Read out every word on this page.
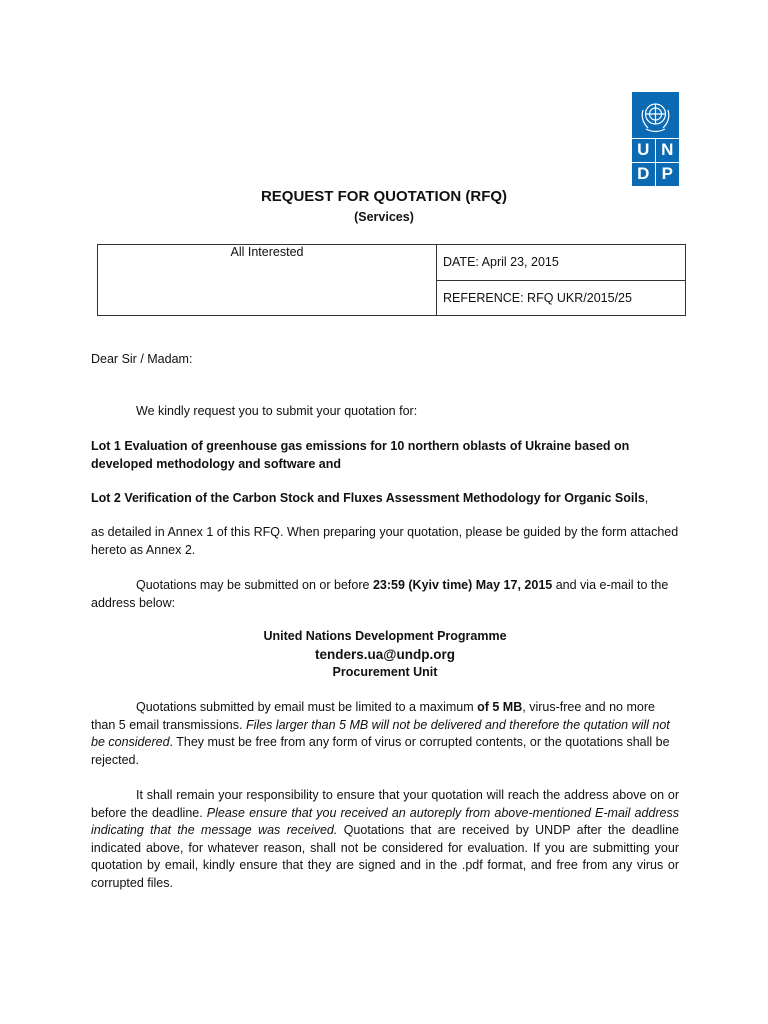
U N
D P
REQUEST FOR QUOTATION (RFQ)
(Services)
All Interested	DATE: April 23, 2015
REFERENCE: RFQ UKR/2015/25
Dear Sir / Madam:
We kindly request you to submit your quotation for:
Lot 1 Evaluation of greenhouse gas emissions for 10 northern oblasts of Ukraine based on developed methodology and software and
Lot 2 Verification of the Carbon Stock and Fluxes Assessment Methodology for Organic Soils,
as detailed in Annex 1 of this RFQ. When preparing your quotation, please be guided by the form attached hereto as Annex 2.
Quotations may be submitted on or before 23:59 (Kyiv time) May 17, 2015 and via e-mail to the address below:
United Nations Development Programme
tenders.ua@undp.org
Procurement Unit
Quotations submitted by email must be limited to a maximum of 5 MB, virus-free and no more than 5 email transmissions. Files larger than 5 MB will not be delivered and therefore the qutation will not be considered. They must be free from any form of virus or corrupted contents, or the quotations shall be rejected.
It shall remain your responsibility to ensure that your quotation will reach the address above on or before the deadline. Please ensure that you received an autoreply from above-mentioned E-mail address indicating that the message was received. Quotations that are received by UNDP after the deadline indicated above, for whatever reason, shall not be considered for evaluation. If you are submitting your quotation by email, kindly ensure that they are signed and in the .pdf format, and free from any virus or corrupted files.
